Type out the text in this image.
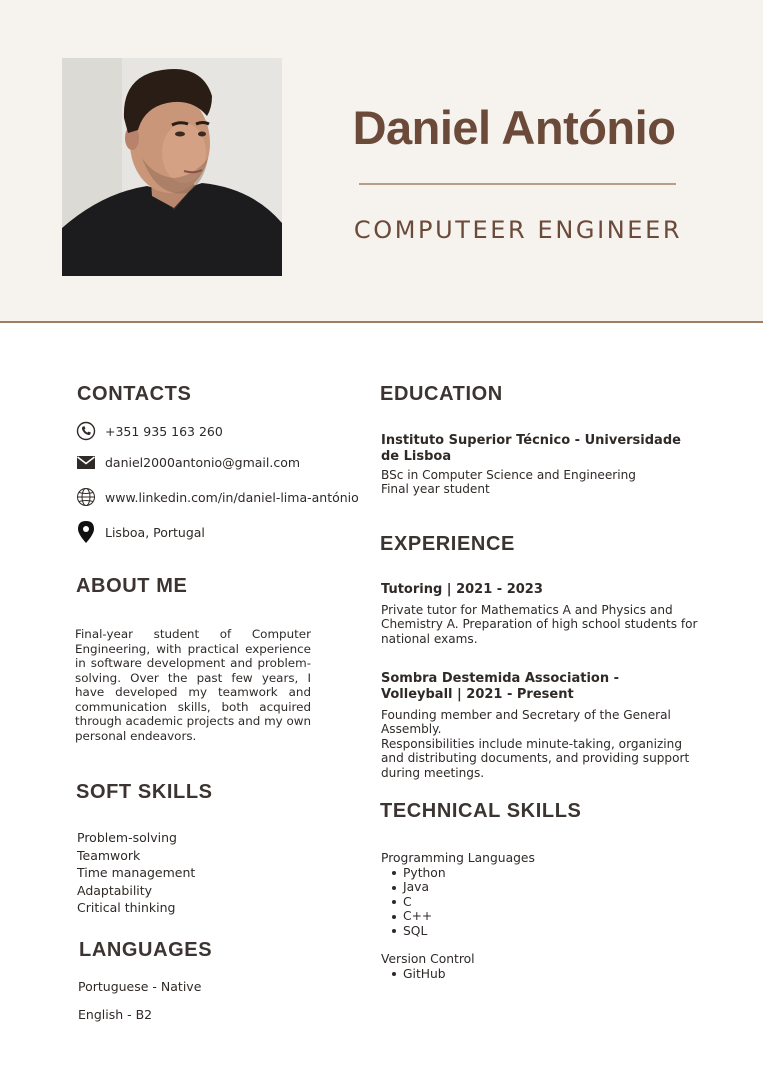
Daniel António
COMPUTEER ENGINEER
CONTACTS
+351 935 163 260
daniel2000antonio@gmail.com
www.linkedin.com/in/daniel-lima-antónio
Lisboa, Portugal
ABOUT ME
Final-year student of Computer Engineering, with practical experience in software development and problem-solving. Over the past few years, I have developed my teamwork and communication skills, both acquired through academic projects and my own personal endeavors.
SOFT SKILLS
Problem-solving
Teamwork
Time management
Adaptability
Critical thinking
LANGUAGES
Portuguese - Native
English - B2
EDUCATION
Instituto Superior Técnico - Universidade de Lisboa
BSc in Computer Science and Engineering
Final year student
EXPERIENCE
Tutoring | 2021 - 2023
Private tutor for Mathematics A and Physics and Chemistry A. Preparation of high school students for national exams.
Sombra Destemida Association - Volleyball | 2021 - Present
Founding member and Secretary of the General Assembly.
Responsibilities include minute-taking, organizing and distributing documents, and providing support during meetings.
TECHNICAL SKILLS
Programming Languages
Python
Java
C
C++
SQL
Version Control
GitHub
